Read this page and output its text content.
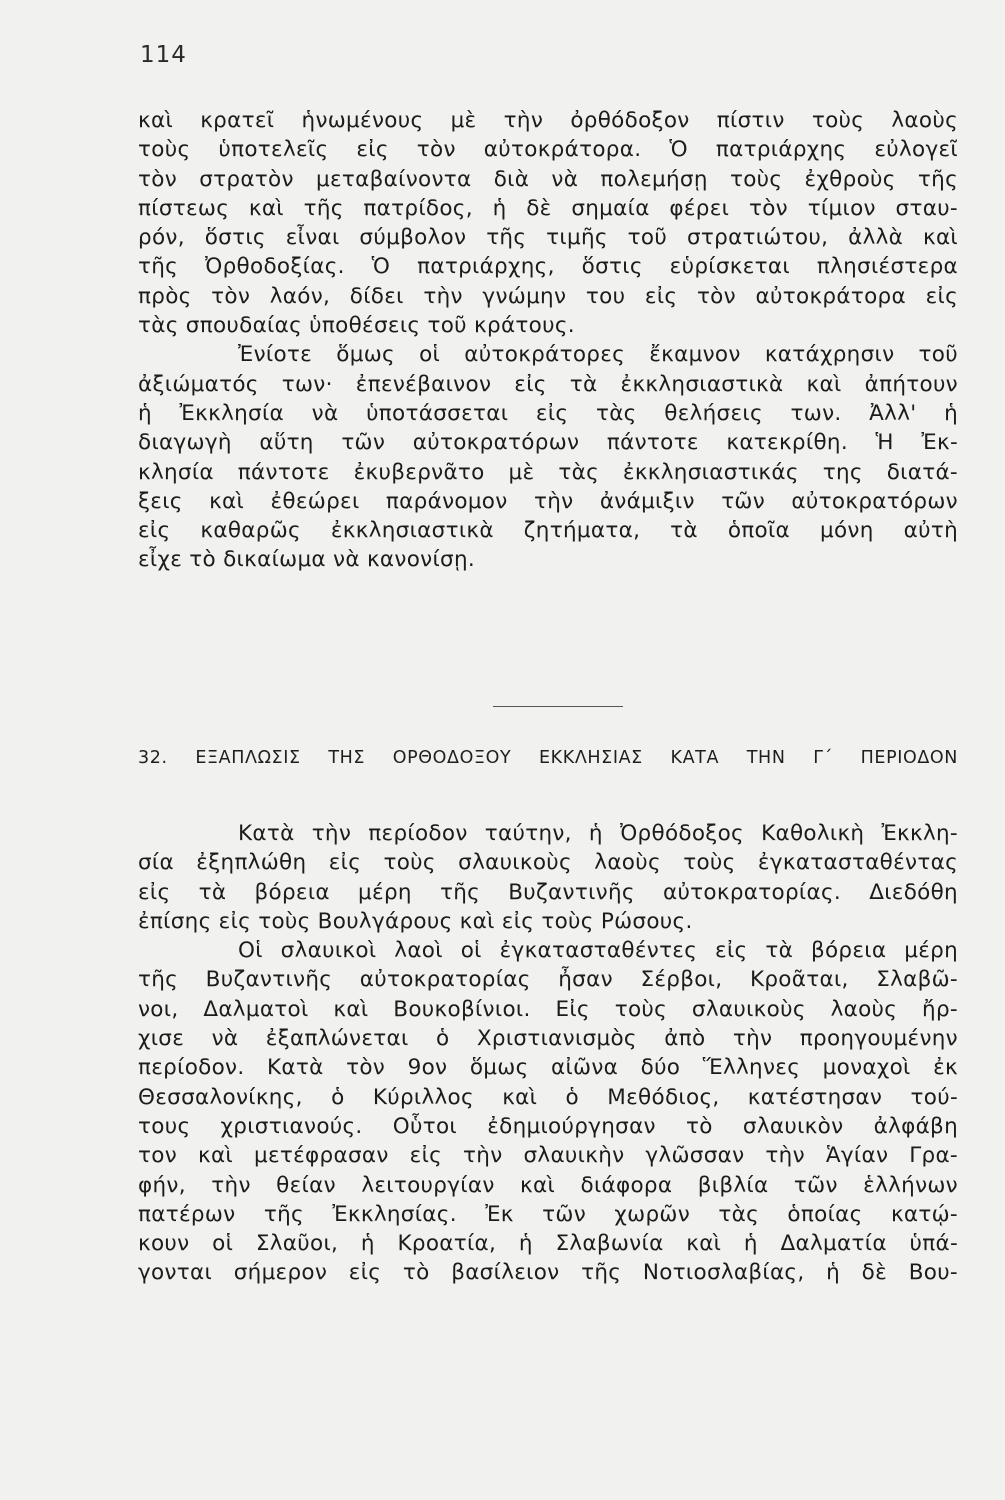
114
καὶ κρατεῖ ἡνωμένους μὲ τὴν ὀρθόδοξον πίστιν τοὺς λαοὺς
τοὺς ὑποτελεῖς εἰς τὸν αὐτοκράτορα. Ὁ πατριάρχης εὐλογεῖ
τὸν στρατὸν μεταβαίνοντα διὰ νὰ πολεμήσῃ τοὺς ἐχθροὺς τῆς
πίστεως καὶ τῆς πατρίδος, ἡ δὲ σημαία φέρει τὸν τίμιον σταυ-
ρόν, ὅστις εἶναι σύμβολον τῆς τιμῆς τοῦ στρατιώτου, ἀλλὰ καὶ
τῆς Ὀρθοδοξίας. Ὁ πατριάρχης, ὅστις εὑρίσκεται πλησιέστερα
πρὸς τὸν λαόν, δίδει τὴν γνώμην του εἰς τὸν αὐτοκράτορα εἰς
τὰς σπουδαίας ὑποθέσεις τοῦ κράτους.
Ἐνίοτε ὅμως οἱ αὐτοκράτορες ἔκαμνον κατάχρησιν τοῦ
ἀξιώματός των· ἐπενέβαινον εἰς τὰ ἐκκλησιαστικὰ καὶ ἀπήτουν
ἡ Ἐκκλησία νὰ ὑποτάσσεται εἰς τὰς θελήσεις των. Ἀλλ' ἡ
διαγωγὴ αὕτη τῶν αὐτοκρατόρων πάντοτε κατεκρίθη. Ἡ Ἐκ-
κλησία πάντοτε ἐκυβερνᾶτο μὲ τὰς ἐκκλησιαστικάς της διατά-
ξεις καὶ ἐθεώρει παράνομον τὴν ἀνάμιξιν τῶν αὐτοκρατόρων
εἰς καθαρῶς ἐκκλησιαστικὰ ζητήματα, τὰ ὁποῖα μόνη αὐτὴ
εἶχε τὸ δικαίωμα νὰ κανονίσῃ.
32. ΕΞΑΠΛΩΣΙΣ ΤΗΣ ΟΡΘΟΔΟΞΟΥ ΕΚΚΛΗΣΙΑΣ ΚΑΤΑ ΤΗΝ Γ΄ ΠΕΡΙΟΔΟΝ
Κατὰ τὴν περίοδον ταύτην, ἡ Ὀρθόδοξος Καθολικὴ Ἐκκλη-
σία ἐξηπλώθη εἰς τοὺς σλαυικοὺς λαοὺς τοὺς ἐγκατασταθέντας
εἰς τὰ βόρεια μέρη τῆς Βυζαντινῆς αὐτοκρατορίας. Διεδόθη
ἐπίσης εἰς τοὺς Βουλγάρους καὶ εἰς τοὺς Ρώσους.
Οἱ σλαυικοὶ λαοὶ οἱ ἐγκατασταθέντες εἰς τὰ βόρεια μέρη
τῆς Βυζαντινῆς αὐτοκρατορίας ἦσαν Σέρβοι, Κροᾶται, Σλαβῶ-
νοι, Δαλματοὶ καὶ Βουκοβίνιοι. Εἰς τοὺς σλαυικοὺς λαοὺς ἤρ-
χισε νὰ ἐξαπλώνεται ὁ Χριστιανισμὸς ἀπὸ τὴν προηγουμένην
περίοδον. Κατὰ τὸν 9ον ὅμως αἰῶνα δύο Ἕλληνες μοναχοὶ ἐκ
Θεσσαλονίκης, ὁ Κύριλλος καὶ ὁ Μεθόδιος, κατέστησαν τού-
τους χριστιανούς. Οὗτοι ἐδημιούργησαν τὸ σλαυικὸν ἀλφάβη
τον καὶ μετέφρασαν εἰς τὴν σλαυικὴν γλῶσσαν τὴν Ἁγίαν Γρα-
φήν, τὴν θείαν λειτουργίαν καὶ διάφορα βιβλία τῶν ἑλλήνων
πατέρων τῆς Ἐκκλησίας. Ἐκ τῶν χωρῶν τὰς ὁποίας κατῴ-
κουν οἱ Σλαῦοι, ἡ Κροατία, ἡ Σλαβωνία καὶ ἡ Δαλματία ὑπά-
γονται σήμερον εἰς τὸ βασίλειον τῆς Νοτιοσλαβίας, ἡ δὲ Βου-
